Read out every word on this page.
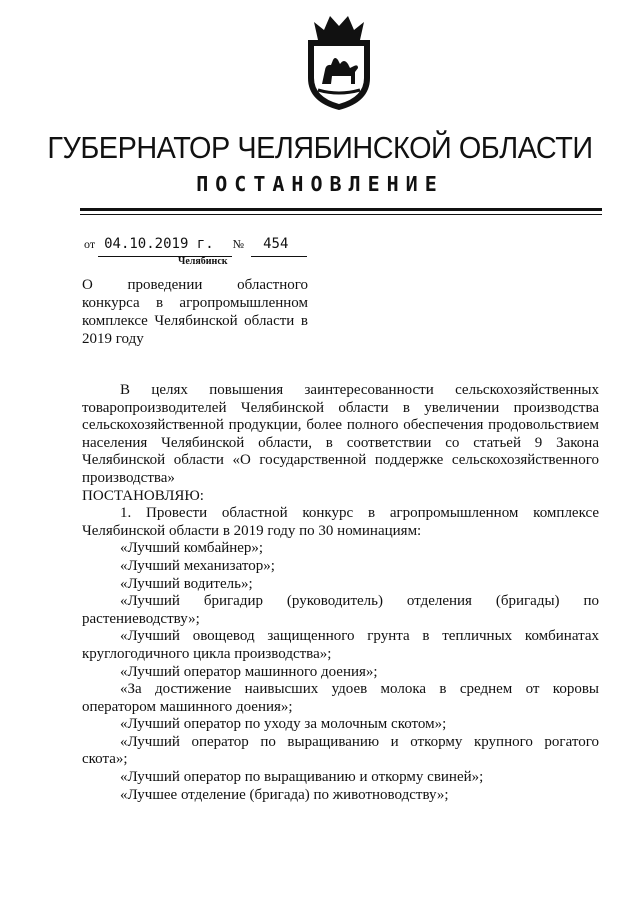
ГУБЕРНАТОР ЧЕЛЯБИНСКОЙ ОБЛАСТИ
ПОСТАНОВЛЕНИЕ
от 04.10.2019 г. № 454
Челябинск
О проведении областного
конкурса в агропромышленном
комплексе Челябинской области в
2019 году

В целях повышения заинтересованности сельскохозяйственных

товаропроизводителей Челябинской области в увеличении производства

сельскохозяйственной продукции, более полного обеспечения продовольствием

населения Челябинской области, в соответствии со статьей 9 Закона

Челябинской области «О государственной поддержке сельскохозяйственного

производства»

ПОСТАНОВЛЯЮ:

1. Провести областной конкурс в агропромышленном комплексе

Челябинской области в 2019 году по 30 номинациям:

«Лучший комбайнер»;

«Лучший механизатор»;

«Лучший водитель»;

«Лучший бригадир (руководитель) отделения (бригады) по

растениеводству»;

«Лучший овощевод защищенного грунта в тепличных комбинатах

круглогодичного цикла производства»;

«Лучший оператор машинного доения»;

«За достижение наивысших удоев молока в среднем от коровы

оператором машинного доения»;

«Лучший оператор по уходу за молочным скотом»;

«Лучший оператор по выращиванию и откорму крупного рогатого

скота»;

«Лучший оператор по выращиванию и откорму свиней»;

«Лучшее отделение (бригада) по животноводству»;
